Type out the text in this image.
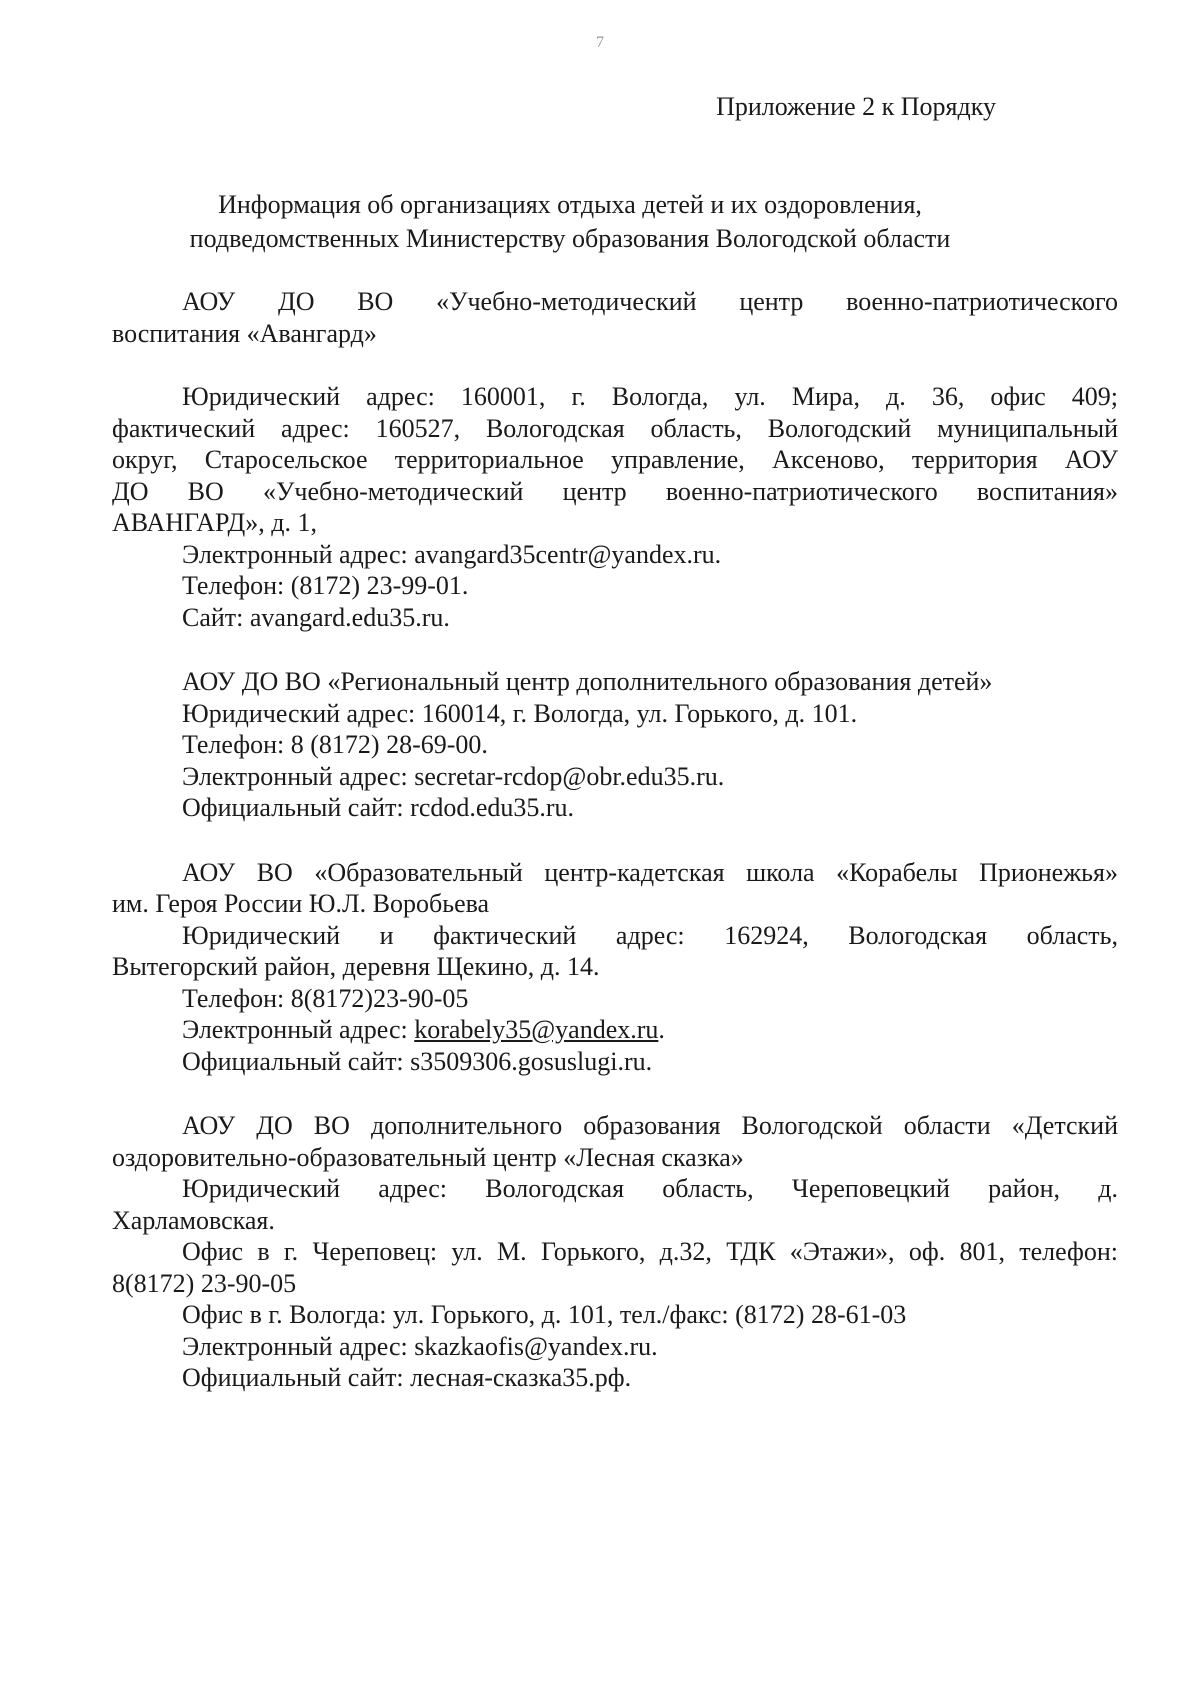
7
Приложение 2 к Порядку
Информация об организациях отдыха детей и их оздоровления,
подведомственных Министерству образования Вологодской области

АОУ ДО ВО «Учебно-методический центр военно-патриотического

воспитания «Авангард»

Юридический адрес: 160001, г. Вологда, ул. Мира, д. 36, офис 409;

фактический адрес: 160527, Вологодская область, Вологодский муниципальный

округ, Старосельское территориальное управление, Аксеново, территория АОУ

ДО ВО «Учебно-методический центр военно-патриотического воспитания»

АВАНГАРД», д. 1,

Электронный адрес: avangard35centr@yandex.ru.

Телефон: (8172) 23-99-01.

Сайт: avangard.edu35.ru.

АОУ ДО ВО «Региональный центр дополнительного образования детей»

Юридический адрес: 160014, г. Вологда, ул. Горького, д. 101.

Телефон: 8 (8172) 28-69-00.

Электронный адрес: secretar-rcdop@obr.edu35.ru.

Официальный сайт: rcdod.edu35.ru.

АОУ ВО «Образовательный центр-кадетская школа «Корабелы Прионежья»

им. Героя России Ю.Л. Воробьева

Юридический и фактический адрес: 162924, Вологодская область,

Вытегорский район, деревня Щекино, д. 14.

Телефон: 8(8172)23-90-05

Электронный адрес: korabely35@yandex.ru.

Официальный сайт: s3509306.gosuslugi.ru.

АОУ ДО ВО дополнительного образования Вологодской области «Детский

оздоровительно-образовательный центр «Лесная сказка»

Юридический адрес: Вологодская область, Череповецкий район, д.

Харламовская.

Офис в г. Череповец: ул. М. Горького, д.32, ТДК «Этажи», оф. 801, телефон:

8(8172) 23-90-05

Офис в г. Вологда: ул. Горького, д. 101, тел./факс: (8172) 28-61-03

Электронный адрес: skazkaofis@yandex.ru.

Официальный сайт: лесная-сказка35.рф.
